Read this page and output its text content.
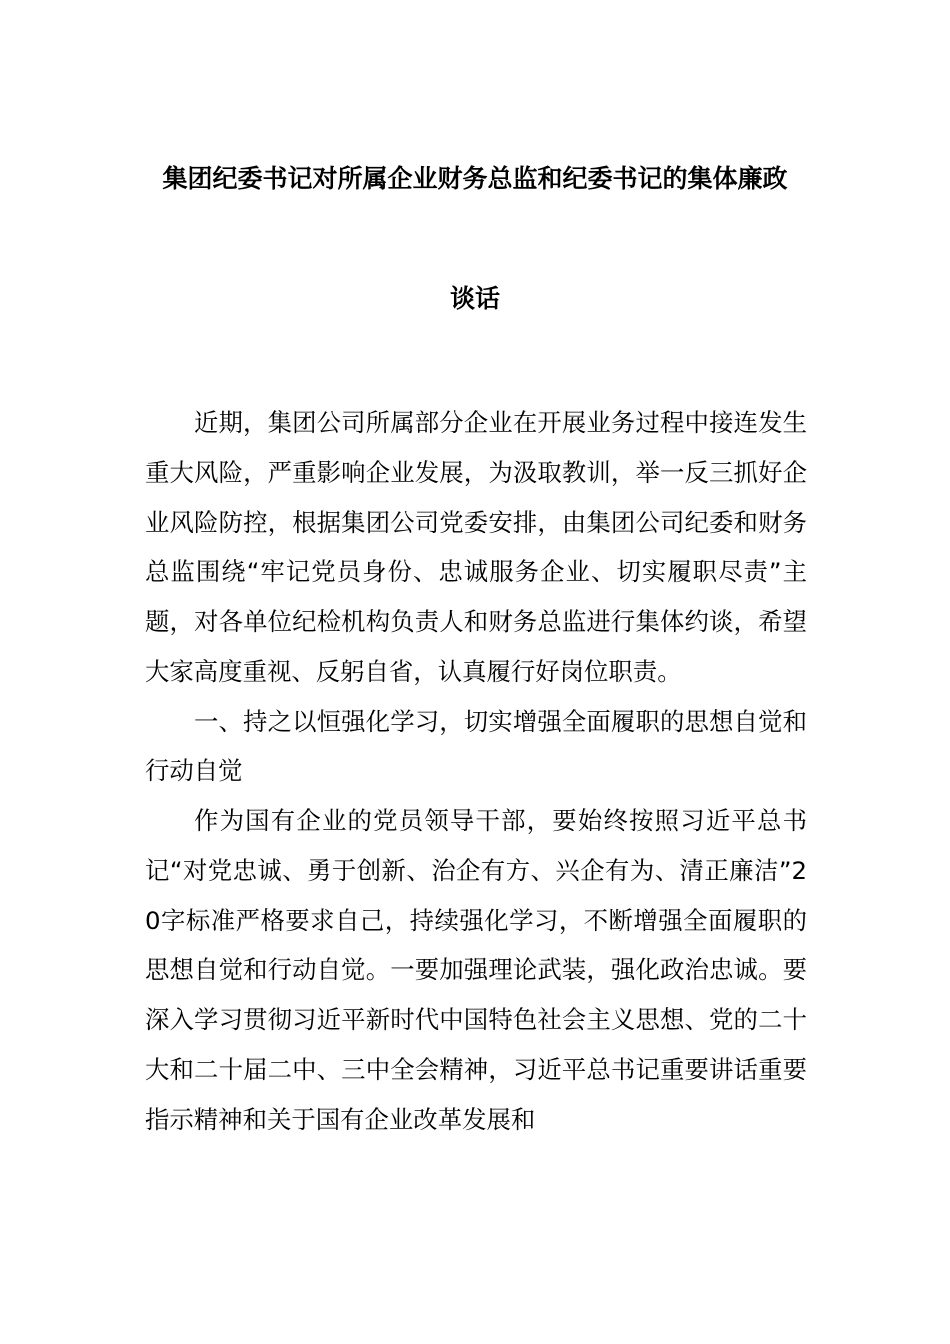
集团纪委书记对所属企业财务总监和纪委书记的集体廉政
谈话

近期，集团公司所属部分企业在开展业务过程中接连发生重大风险，严重影响企业发展，为汲取教训，举一反三抓好企业风险防控，根据集团公司党委安排，由集团公司纪委和财务总监围绕“牢记党员身份、忠诚服务企业、切实履职尽责”主题，对各单位纪检机构负责人和财务总监进行集体约谈，希望大家高度重视、反躬自省，认真履行好岗位职责。

一、持之以恒强化学习，切实增强全面履职的思想自觉和行动自觉

作为国有企业的党员领导干部，要始终按照习近平总书记“对党忠诚、勇于创新、治企有方、兴企有为、清正廉洁”20字标准严格要求自己，持续强化学习，不断增强全面履职的思想自觉和行动自觉。一要加强理论武装，强化政治忠诚。要深入学习贯彻习近平新时代中国特色社会主义思想、党的二十大和二十届二中、三中全会精神，习近平总书记重要讲话重要指示精神和关于国有企业改革发展和
